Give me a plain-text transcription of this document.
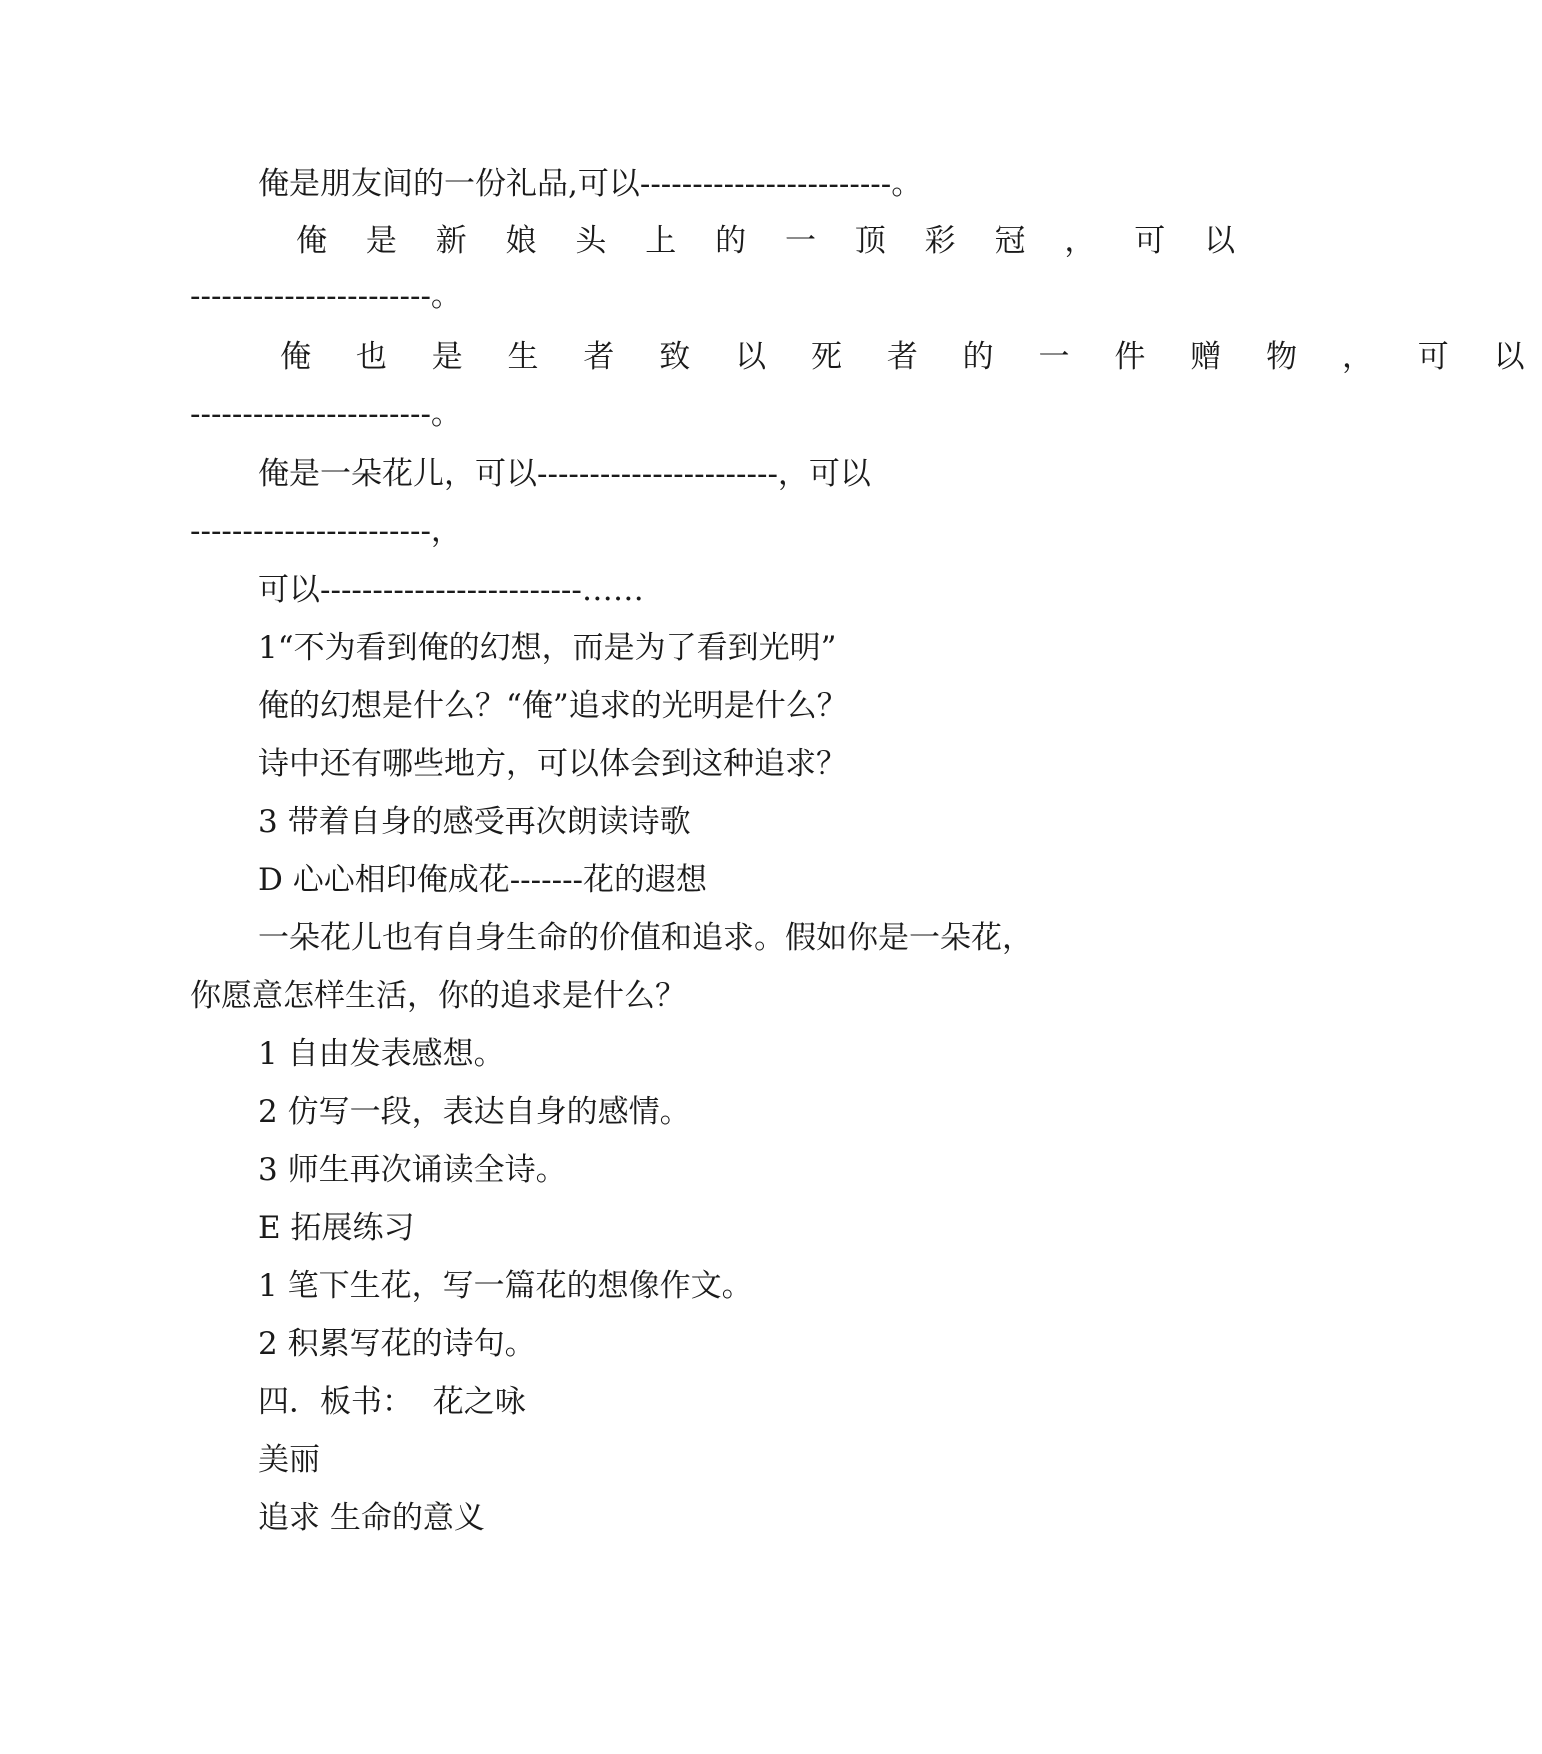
俺是朋友间的一份礼品,可以------------------------。
俺 是 新 娘 头 上 的 一 顶 彩 冠 ， 可 以
-----------------------。
俺 也 是 生 者 致 以 死 者 的 一 件 赠 物 ， 可 以
-----------------------。
俺是一朵花儿，可以-----------------------，可以
-----------------------，
可以-------------------------……
1“不为看到俺的幻想，而是为了看到光明”
俺的幻想是什么？“俺”追求的光明是什么？
诗中还有哪些地方，可以体会到这种追求？
3 带着自身的感受再次朗读诗歌
D 心心相印俺成花-------花的遐想
一朵花儿也有自身生命的价值和追求。假如你是一朵花，
你愿意怎样生活，你的追求是什么？
1 自由发表感想。
2 仿写一段，表达自身的感情。
3 师生再次诵读全诗。
E 拓展练习
1 笔下生花，写一篇花的想像作文。
2 积累写花的诗句。
四．板书：  花之咏
美丽
追求 生命的意义
